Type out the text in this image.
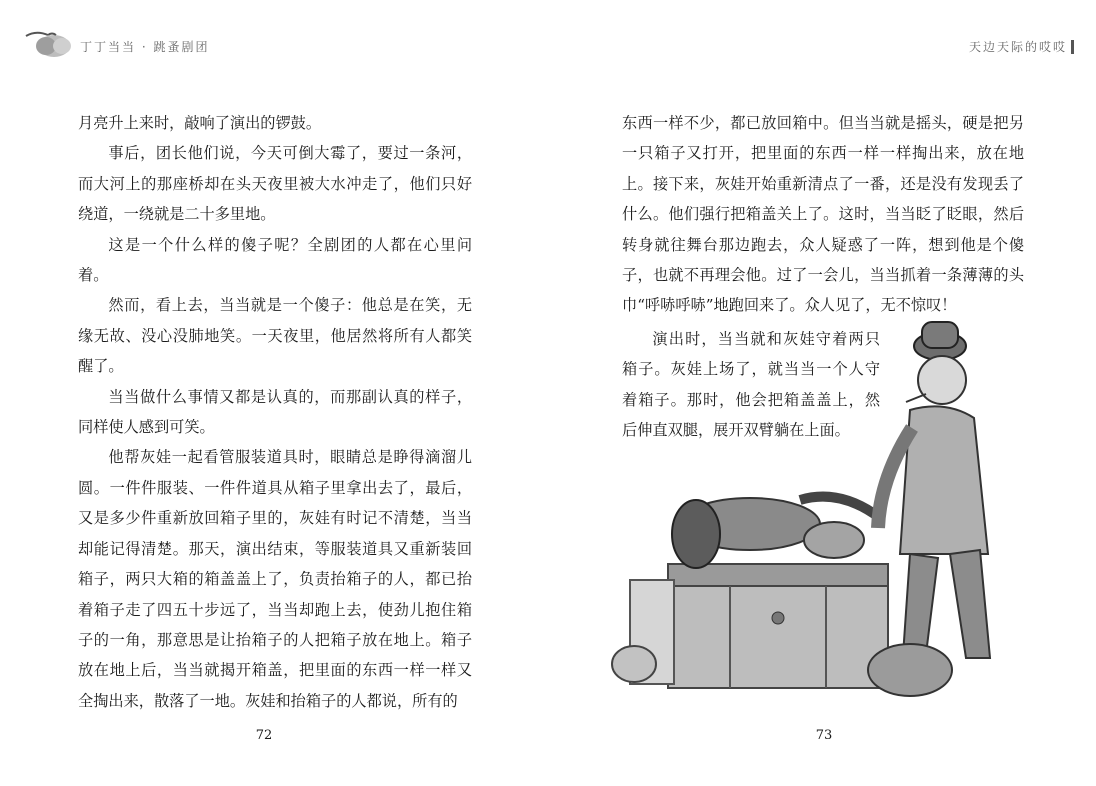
丁丁当当 · 跳蚤剧团

月亮升上来时，敲响了演出的锣鼓。

事后，团长他们说，今天可倒大霉了，要过一条河，而大河上的那座桥却在头天夜里被大水冲走了，他们只好绕道，一绕就是二十多里地。

这是一个什么样的傻子呢？全剧团的人都在心里问着。

然而，看上去，当当就是一个傻子：他总是在笑，无缘无故、没心没肺地笑。一天夜里，他居然将所有人都笑醒了。

当当做什么事情又都是认真的，而那副认真的样子，同样使人感到可笑。

他帮灰娃一起看管服装道具时，眼睛总是睁得滴溜儿圆。一件件服装、一件件道具从箱子里拿出去了，最后，又是多少件重新放回箱子里的，灰娃有时记不清楚，当当却能记得清楚。那天，演出结束，等服装道具又重新装回箱子，两只大箱的箱盖盖上了，负责抬箱子的人，都已抬着箱子走了四五十步远了，当当却跑上去，使劲儿抱住箱子的一角，那意思是让抬箱子的人把箱子放在地上。箱子放在地上后，当当就揭开箱盖，把里面的东西一样一样又全掏出来，散落了一地。灰娃和抬箱子的人都说，所有的

72
天边天际的哎哎

东西一样不少，都已放回箱中。但当当就是摇头，硬是把另一只箱子又打开，把里面的东西一样一样掏出来，放在地上。接下来，灰娃开始重新清点了一番，还是没有发现丢了什么。他们强行把箱盖关上了。这时，当当眨了眨眼，然后转身就往舞台那边跑去，众人疑惑了一阵，想到他是个傻子，也就不再理会他。过了一会儿，当当抓着一条薄薄的头巾“呼哧呼哧”地跑回来了。众人见了，无不惊叹！

演出时，当当就和灰娃守着两只箱子。灰娃上场了，就当当一个人守着箱子。那时，他会把箱盖盖上，然后伸直双腿，展开双臂躺在上面。

73
